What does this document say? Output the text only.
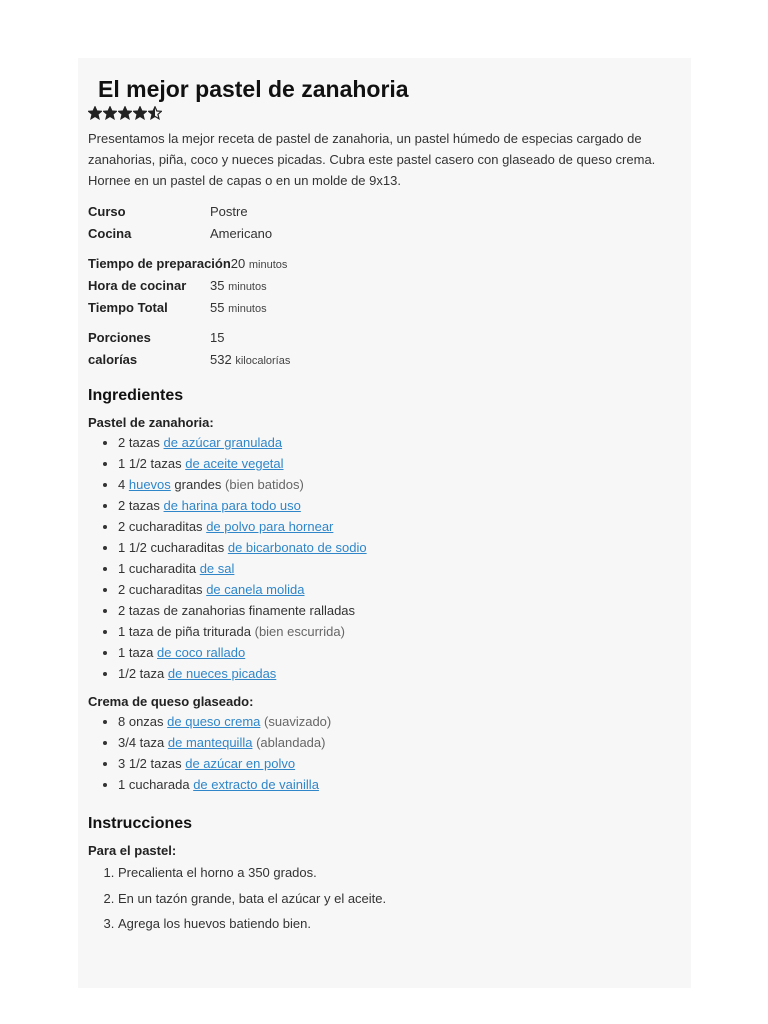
El mejor pastel de zanahoria

Presentamos la mejor receta de pastel de zanahoria, un pastel húmedo de especias cargado de zanahorias, piña, coco y nueces picadas. Cubra este pastel casero con glaseado de queso crema. Hornee en un pastel de capas o en un molde de 9x13.

Curso	Postre
Cocina	Americano
Tiempo de preparación 20 minutos
Hora de cocinar	35 minutos
Tiempo Total	55 minutos
Porciones	15
calorías	532 kilocalorías
Ingredientes
Pastel de zanahoria:
• 2 tazas de azúcar granulada
• 1 1/2 tazas de aceite vegetal
• 4 huevos grandes (bien batidos)
• 2 tazas de harina para todo uso
• 2 cucharaditas de polvo para hornear
• 1 1/2 cucharaditas de bicarbonato de sodio
• 1 cucharadita de sal
• 2 cucharaditas de canela molida
• 2 tazas de zanahorias finamente ralladas
• 1 taza de piña triturada (bien escurrida)
• 1 taza de coco rallado
• 1/2 taza de nueces picadas
Crema de queso glaseado:
• 8 onzas de queso crema (suavizado)
• 3/4 taza de mantequilla (ablandada)
• 3 1/2 tazas de azúcar en polvo
• 1 cucharada de extracto de vainilla
Instrucciones
Para el pastel:
1. Precalienta el horno a 350 grados.
2. En un tazón grande, bata el azúcar y el aceite.
3. Agrega los huevos batiendo bien.
